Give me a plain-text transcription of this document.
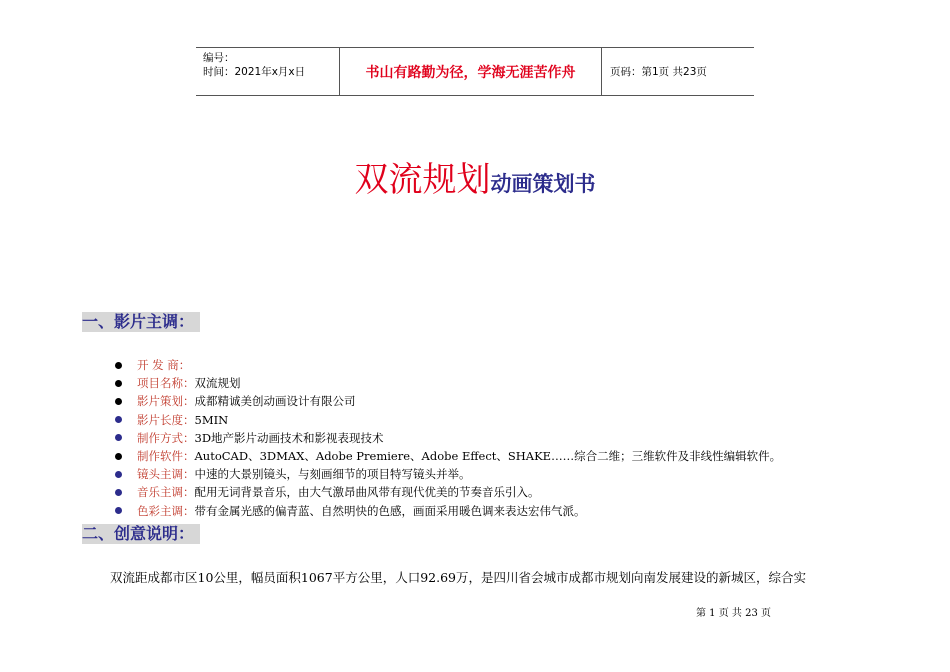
编号：
时间：2021年x月x日	书山有路勤为径，学海无涯苦作舟	页码：第1页 共23页
双流规划动画策划书
一、影片主调：
开 发 商：
项目名称： 双流规划
影片策划： 成都精诚美创动画设计有限公司
影片长度： 5MIN
制作方式： 3D地产影片动画技术和影视表现技术
制作软件： AutoCAD、3DMAX、Adobe Premiere、Adobe Effect、SHAKE……综合二维；三维软件及非线性编辑软件。
镜头主调： 中速的大景别镜头，与刻画细节的项目特写镜头并举。
音乐主调： 配用无词背景音乐，由大气激昂曲风带有现代优美的节奏音乐引入。
色彩主调： 带有金属光感的偏青蓝、自然明快的色感，画面采用暖色调来表达宏伟气派。
二、创意说明：
双流距成都市区10公里，幅员面积1067平方公里，人口92.69万，是四川省会城市成都市规划向南发展建设的新城区，综合实
第 1 页 共 23 页
